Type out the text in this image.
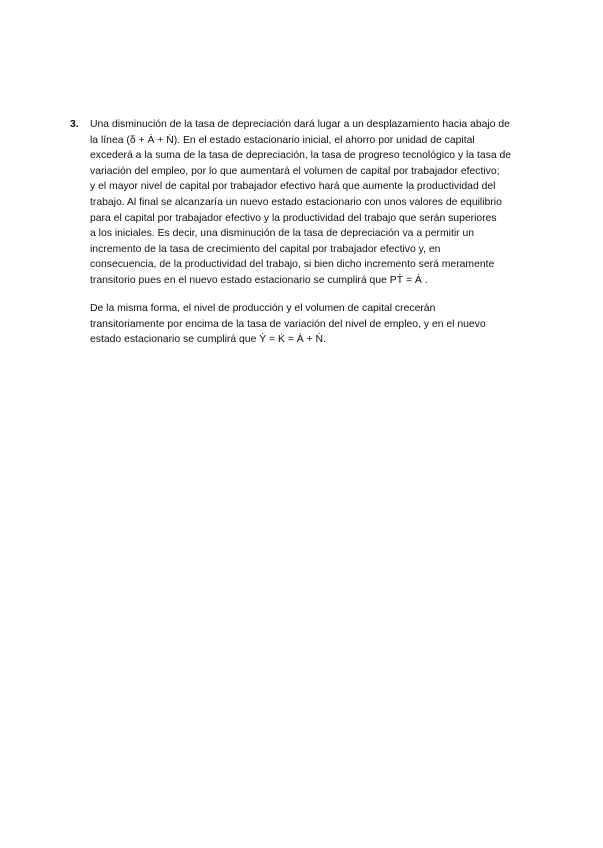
3. Una disminución de la tasa de depreciación dará lugar a un desplazamiento hacia abajo de
la línea (δ + Ȧ + Ṅ). En el estado estacionario inicial, el ahorro por unidad de capital
excederá a la suma de la tasa de depreciación, la tasa de progreso tecnológico y la tasa de
variación del empleo, por lo que aumentará el volumen de capital por trabajador efectivo;
y el mayor nivel de capital por trabajador efectivo hará que aumente la productividad del
trabajo. Al final se alcanzaría un nuevo estado estacionario con unos valores de equilibrio
para el capital por trabajador efectivo y la productividad del trabajo que serán superiores
a los iniciales. Es decir, una disminución de la tasa de depreciación va a permitir un
incremento de la tasa de crecimiento del capital por trabajador efectivo y, en
consecuencia, de la productividad del trabajo, si bien dicho incremento será meramente
transitorio pues en el nuevo estado estacionario se cumplirá que PṪ = Ȧ .
De la misma forma, el nivel de producción y el volumen de capital crecerán
transitoriamente por encima de la tasa de variación del nivel de empleo, y en el nuevo
estado estacionario se cumplirá que Ẏ = K̇ = Ȧ + Ṅ.
